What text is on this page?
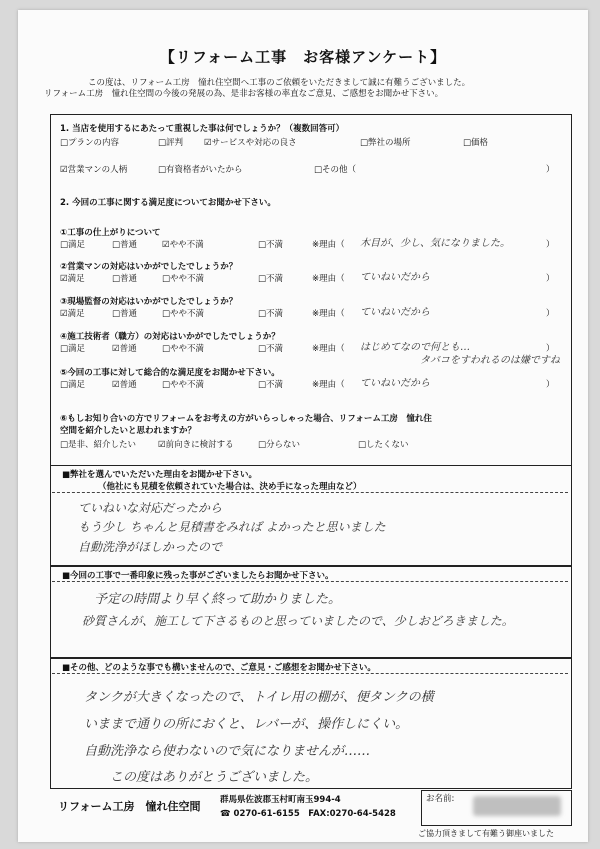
【リフォーム工事　お客様アンケート】
この度は、リフォーム工房　憧れ住空間へ工事のご依頼をいただきまして誠に有難うございました。
リフォーム工房　憧れ住空間の今後の発展の為、是非お客様の率直なご意見、ご感想をお聞かせ下さい。
1. 当店を使用するにあたって重視した事は何でしょうか？（複数回答可）
□プランの内容	□評判 ☑サービスや対応の良さ	□弊社の場所	□価格
☑営業マンの人柄	□有資格者がいたから	□その他（	）
2. 今回の工事に関する満足度についてお聞かせ下さい。
①工事の仕上がりについて
□満足	□普通	☑やや不満	□不満	※理由（ 木目が、少し、気になりました。	）
②営業マンの対応はいかがでしたでしょうか？
☑満足	□普通	□やや不満	□不満	※理由（ ていねいだから	）
③現場監督の対応はいかがでしたでしょうか？
☑満足	□普通	□やや不満	□不満	※理由（ ていねいだから	）
④施工技術者（職方）の対応はいかがでしたでしょうか？
□満足	☑普通	□やや不満	□不満	※理由（ はじめてなので何とも…
タバコをすわれるのは嫌ですね
）
⑤今回の工事に対して総合的な満足度をお聞かせ下さい。
□満足	☑普通	□やや不満	□不満	※理由（ ていねいだから	）
⑥もしお知り合いの方でリフォームをお考えの方がいらっしゃった場合、リフォーム工房　憧れ住
空間を紹介したいと思われますか？
□是非、紹介したい	☑前向きに検討する	□分らない	□したくない
■弊社を選んでいただいた理由をお聞かせ下さい。
（他社にも見積を依頼されていた場合は、決め手になった理由など）
ていねいな対応だったから
もう少し ちゃんと見積書をみれば よかったと思いました
自動洗浄がほしかったので
■今回の工事で一番印象に残った事がございましたらお聞かせ下さい。
予定の時間より早く終って助かりました。
砂質さんが、施工して下さるものと思っていましたので、少しおどろきました。
■その他、どのような事でも構いませんので、ご意見・ご感想をお聞かせ下さい。
タンクが大きくなったので、トイレ用の棚が、便タンクの横
いままで通りの所におくと、レバーが、操作しにくい。
自動洗浄なら使わないので気になりませんが……
この度はありがとうございました。
リフォーム工房　憧れ住空間 群馬県佐波郡玉村町南玉994-4
☎ 0270-61-6155　FAX:0270-64-5428
お名前:
ご協力頂きまして有難う御座いました
